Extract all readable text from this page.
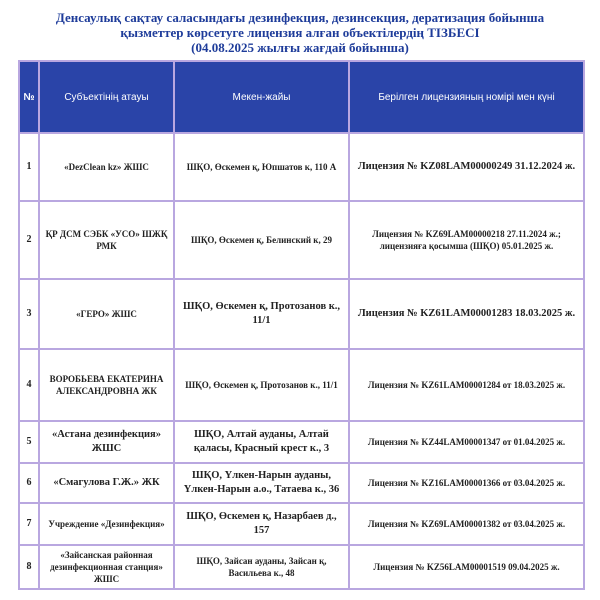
Денсаулық сақтау саласындағы дезинфекция, дезинсекция, дератизация бойынша
қызметтер көрсетуге лицензия алған объектілердің ТІЗБЕСІ
(04.08.2025 жылғы жағдай бойынша)
№	Субъектінің атауы	Мекен-жайы	Берілген лицензияның номірі мен күні
1	«DezClean kz» ЖШС	ШҚО, Өскемен қ, Юпшатов к, 110 А	Лицензия № KZ08LAM00000249 31.12.2024 ж.
2	ҚР ДСМ СЭБК «УСО» ШЖҚ РМК	ШҚО, Өскемен қ, Белинский к, 29	Лицензия № KZ69LAM00000218 27.11.2024 ж.; лицензияға қосымша (ШҚО) 05.01.2025 ж.
3	«ГЕРО» ЖШС	ШҚО, Өскемен қ, Протозанов к., 11/1	Лицензия № KZ61LAM00001283 18.03.2025 ж.
4	ВОРОБЬЕВА ЕКАТЕРИНА АЛЕКСАНДРОВНА ЖК	ШҚО, Өскемен қ, Протозанов к., 11/1	Лицензия № KZ61LAM00001284 от 18.03.2025 ж.
5	«Астана дезинфекция» ЖШС	ШҚО, Алтай ауданы, Алтай қаласы, Красный крест к., 3	Лицензия № KZ44LAM00001347 от 01.04.2025 ж.
6	«Смагулова Г.Ж.» ЖК	ШҚО, Үлкен-Нарын ауданы, Үлкен-Нарын а.о., Татаева к., 36	Лицензия № KZ16LAM00001366 от 03.04.2025 ж.
7	Учреждение «Дезинфекция»	ШҚО, Өскемен қ, Назарбаев д., 157	Лицензия № KZ69LAM00001382 от 03.04.2025 ж.
8	«Зайсанская районная дезинфекционная станция» ЖШС	ШҚО, Зайсан ауданы, Зайсан қ, Васильева к., 48	Лицензия № KZ56LAM00001519 09.04.2025 ж.
